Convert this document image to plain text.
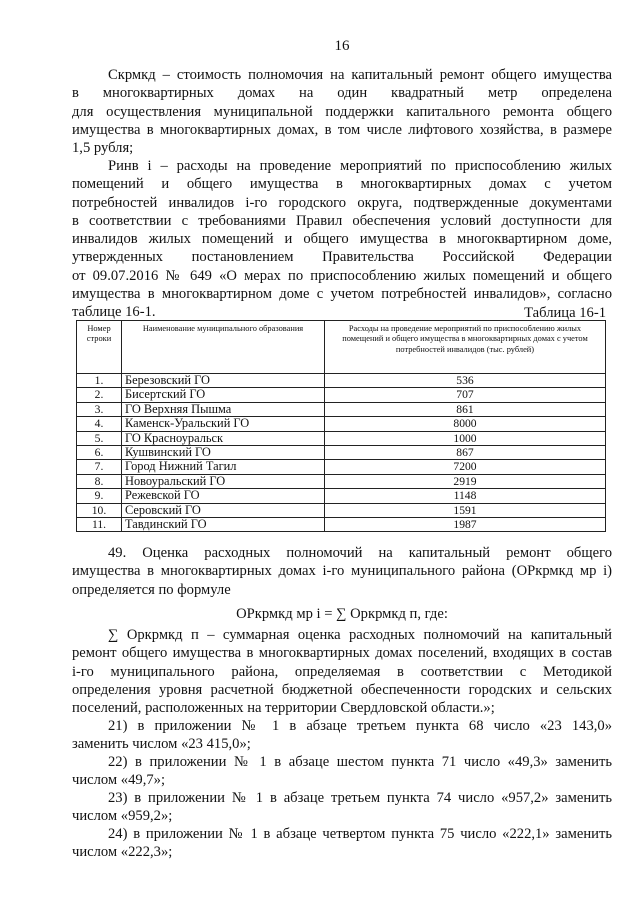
16
Скрмкд – стоимость полномочия на капитальный ремонт общего имущества
в многоквартирных домах на один квадратный метр определена
для осуществления муниципальной поддержки капитального ремонта общего
имущества в многоквартирных домах, в том числе лифтового хозяйства, в размере
1,5 рубля;
Ринв i – расходы на проведение мероприятий по приспособлению жилых
помещений и общего имущества в многоквартирных домах с учетом
потребностей инвалидов i-го городского округа, подтвержденные документами
в соответствии с требованиями Правил обеспечения условий доступности для
инвалидов жилых помещений и общего имущества в многоквартирном доме,
утвержденных постановлением Правительства Российской Федерации
от 09.07.2016 № 649 «О мерах по приспособлению жилых помещений и общего
имущества в многоквартирном доме с учетом потребностей инвалидов», согласно
таблице 16-1.	Таблица 16-1
Номер строки	Наименование муниципального образования	Расходы на проведение мероприятий по приспособлению жилых помещений и общего имущества в многоквартирных домах с учетом потребностей инвалидов (тыс. рублей)
1.	Березовский ГО	536
2.	Бисертский ГО	707
3.	ГО Верхняя Пышма	861
4.	Каменск-Уральский ГО	8000
5.	ГО Красноуральск	1000
6.	Кушвинский ГО	867
7.	Город Нижний Тагил	7200
8.	Новоуральский ГО	2919
9.	Режевской ГО	1148
10.	Серовский ГО	1591
11.	Тавдинский ГО	1987
49. Оценка расходных полномочий на капитальный ремонт общего
имущества в многоквартирных домах i-го муниципального района (ОРкрмкд мр i)
определяется по формуле
ОРкрмкд мр i = ∑ Оркрмкд п, где:
∑ Оркрмкд п – суммарная оценка расходных полномочий на капитальный
ремонт общего имущества в многоквартирных домах поселений, входящих в состав
i-го муниципального района, определяемая в соответствии с Методикой
определения уровня расчетной бюджетной обеспеченности городских и сельских
поселений, расположенных на территории Свердловской области.»;
21) в приложении № 1 в абзаце третьем пункта 68 число «23 143,0»
заменить числом «23 415,0»;
22) в приложении № 1 в абзаце шестом пункта 71 число «49,3» заменить
числом «49,7»;
23) в приложении № 1 в абзаце третьем пункта 74 число «957,2» заменить
числом «959,2»;
24) в приложении № 1 в абзаце четвертом пункта 75 число «222,1» заменить
числом «222,3»;
